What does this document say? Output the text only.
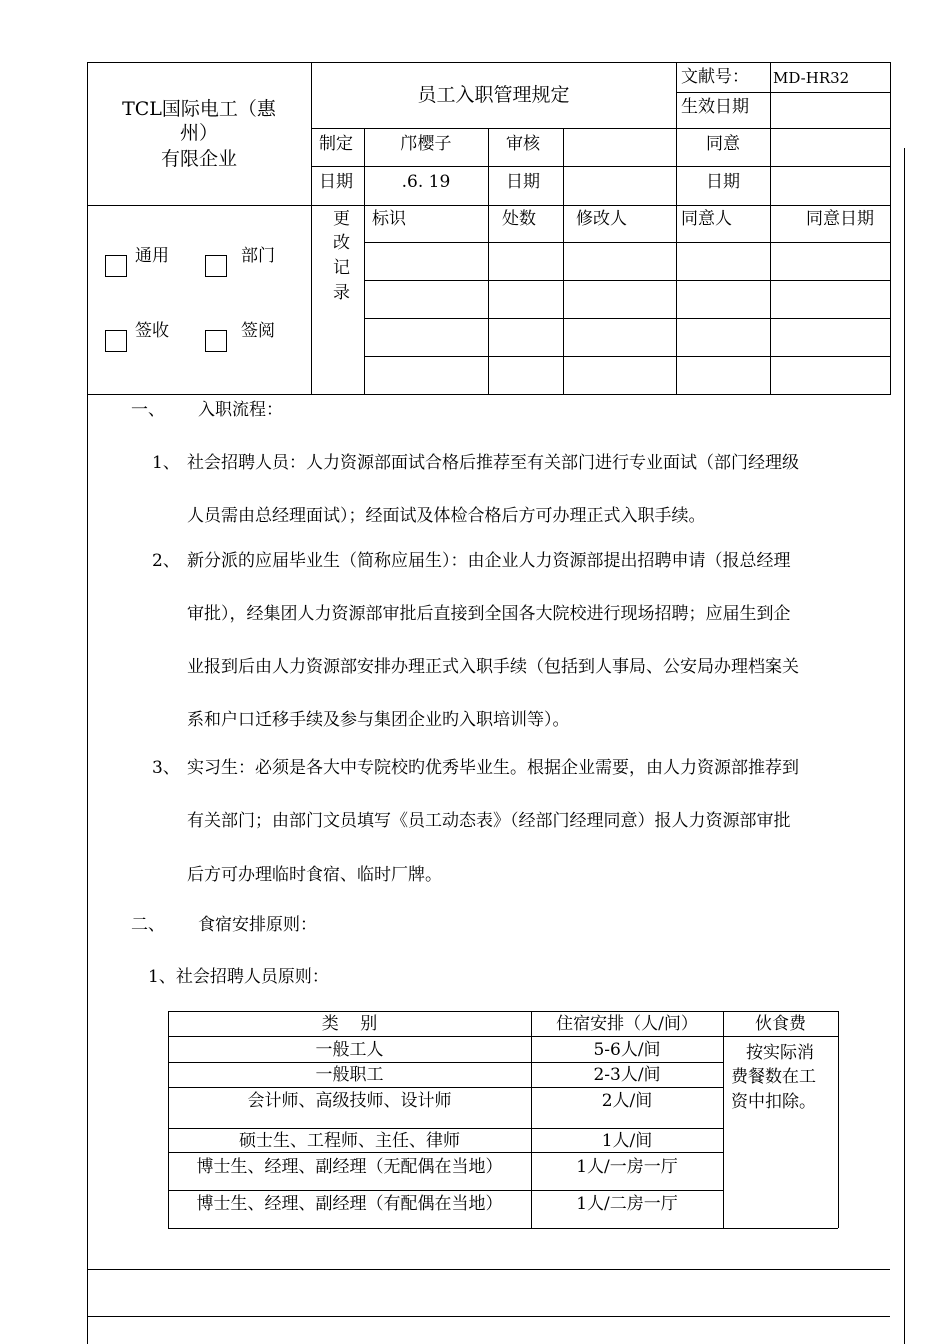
TCL国际电工（惠
州）
有限企业
员工入职管理规定
文献号： MD-HR32
生效日期
制定	邝樱子	审核	同意
日期	.6. 19	日期	日期
通用	部门
签收	签阅
更
改
记
录
标识	处数 修改人	同意人	同意日期
一、 入职流程：
1、 社会招聘人员：人力资源部面试合格后推荐至有关部门进行专业面试（部门经理级
人员需由总经理面试）；经面试及体检合格后方可办理正式入职手续。
2、 新分派的应届毕业生（简称应届生）：由企业人力资源部提出招聘申请（报总经理
审批），经集团人力资源部审批后直接到全国各大院校进行现场招聘；应届生到企
业报到后由人力资源部安排办理正式入职手续（包括到人事局、公安局办理档案关
系和户口迁移手续及参与集团企业旳入职培训等）。
3、 实习生：必须是各大中专院校旳优秀毕业生。根据企业需要，由人力资源部推荐到
有关部门；由部门文员填写《员工动态表》（经部门经理同意）报人力资源部审批
后方可办理临时食宿、临时厂牌。
二、 食宿安排原则：
1、社会招聘人员原则：
类    别	住宿安排（人/间）	伙食费
一般工人	5-6人/间
一般职工	2-3人/间
会计师、高级技师、设计师	2人/间
硕士生、工程师、主任、律师	1人/间
博士生、经理、副经理（无配偶在当地）	1人/一房一厅
博士生、经理、副经理（有配偶在当地）	1人/二房一厅
按实际消
费餐数在工
资中扣除。
